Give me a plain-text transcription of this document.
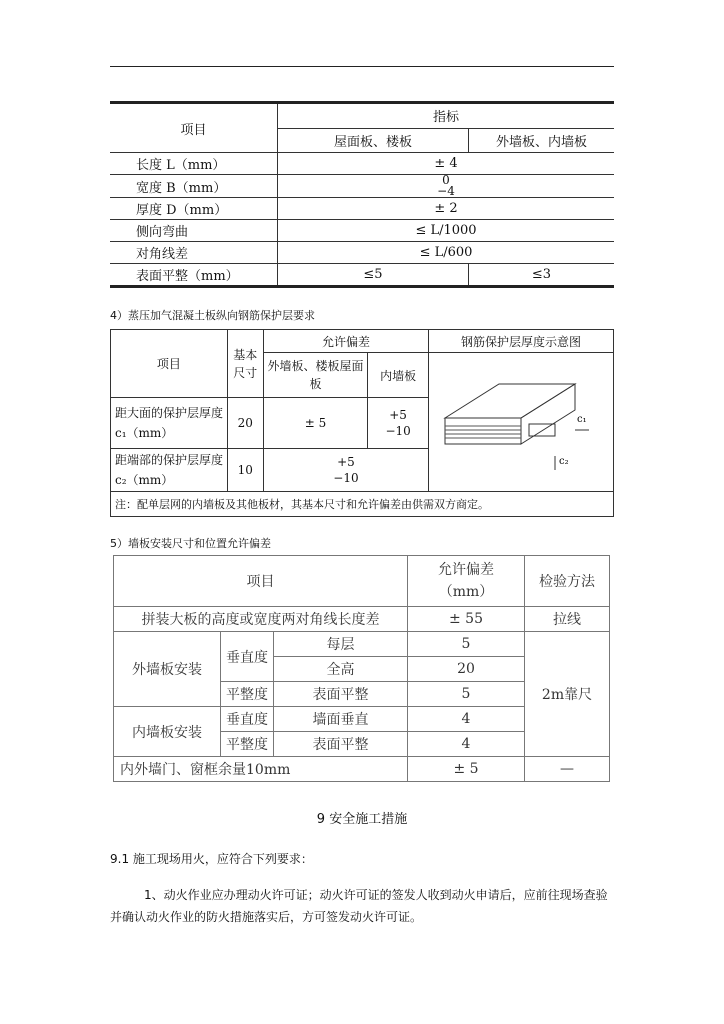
项目	指标	
	屋面板、楼板	外墙板、内墙板
长度 L（mm）	± 4	
宽度 B（mm）	0
−4	

厚度 D（mm）	± 2	
侧向弯曲	≤ L/1000	
对角线差	≤ L/600	
表面平整（mm）	≤5	≤3
4）蒸压加气混凝土板纵向钢筋保护层要求
项目	基本尺寸	允许偏差		钢筋保护层厚度示意图
		外墙板、楼板屋面板	内墙板	c₁
c₂

距大面的保护层厚度c₁（mm）	20	± 5	+5
−10	

距端部的保护层厚度c₂（mm）	10	+5
−10		

注：配单层网的内墙板及其他板材，其基本尺寸和允许偏差由供需双方商定。				
5）墙板安装尺寸和位置允许偏差
项目			允许偏差（mm）	检验方法
拼装大板的高度或宽度两对角线长度差			± 55	拉线
外墙板安装	垂直度	每层	5	2m靠尺
		全高	20	
	平整度	表面平整	5	
内墙板安装	垂直度	墙面垂直	4	
	平整度	表面平整	4	
内外墙门、窗框余量10mm			± 5	—
9 安全施工措施
9.1 施工现场用火，应符合下列要求：
1、动火作业应办理动火许可证；动火许可证的签发人收到动火申请后，应前往现场查验并确认动火作业的防火措施落实后，方可签发动火许可证。
